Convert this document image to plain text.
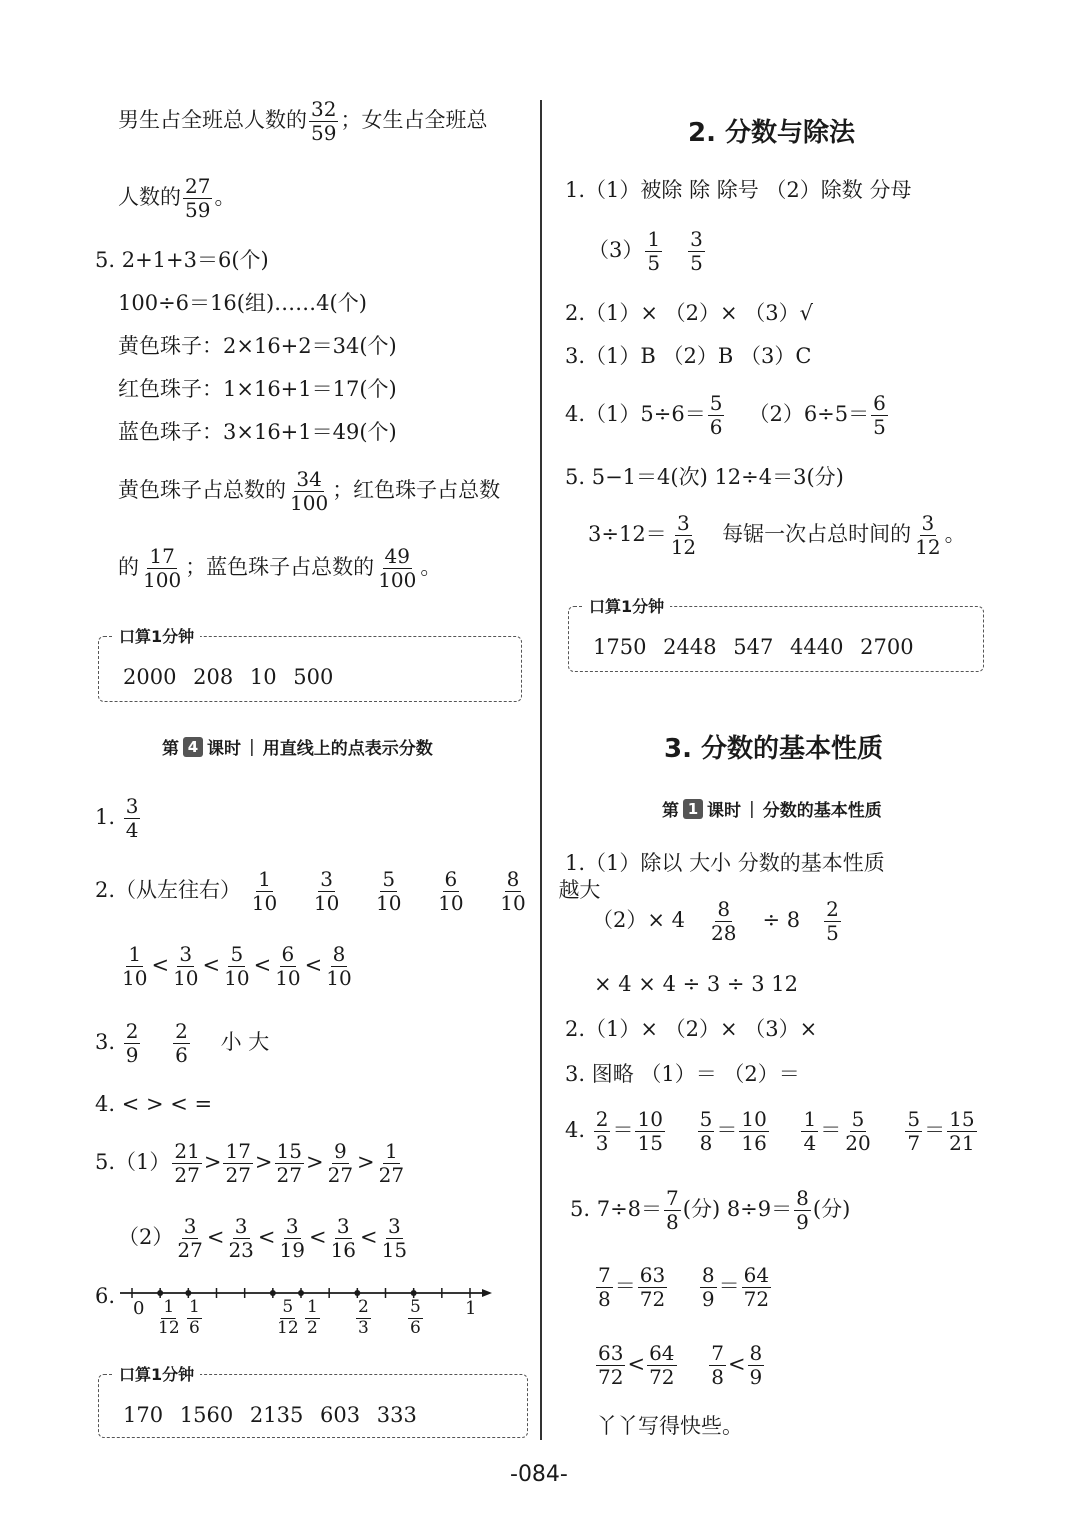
男生占全班总人数的 $\frac{32}{59}$ ；女生占全班总
人数的 $\frac{27}{59}$ 。
5. 2+1+3＝6(个)
100÷6＝16(组)……4(个)
黄色珠子：2×16+2＝34(个)
红色珠子：1×16+1＝17(个)
蓝色珠子：3×16+1＝49(个)
黄色珠子占总数的 $\frac{34}{100}$ ；红色珠子占总数
的 $\frac{17}{100}$ ；蓝色珠子占总数的 $\frac{49}{100}$ 。
口算1分钟
2000 208 10 500
第 4 课时 | 用直线上的点表示分数
1. $\frac{3}{4}$
2.（从左往右） $\frac{1}{10}$
$\frac{3}{10}$
$\frac{5}{10}$
$\frac{6}{10}$
$\frac{8}{10}$ 越大
$\frac{1}{10} < \frac{3}{10} < \frac{5}{10} < \frac{6}{10} < \frac{8}{10}$
3. $\frac{2}{9}$
$\frac{2}{6}$ 小 大
4. < > < =
$5.(1) \frac{21}{27} > \frac{17}{27} > \frac{15}{27} > \frac{9}{27} > \frac{1}{27}$
$(2) \frac{3}{27} < \frac{3}{23} < \frac{3}{19} < \frac{3}{16} < \frac{3}{15}$
6.
0	1
$\frac{1}{12} \frac{1}{6}$	$\frac{5}{12} \frac{1}{2} \frac{2}{3} \frac{5}{6}$
口算1分钟
170 1560 2135 603 333
2. 分数与除法
1.（1）被除 除 除号 （2）除数 分母
$(3) \frac{1}{5} \frac{3}{5}$
2.（1）× （2）× （3）√
3.（1）B （2）B （3）C
$4.(1)5\div 6= \frac{5}{6} (2)6\div 5= \frac{6}{5}$
5. 5−1＝4(次) 12÷4＝3(分)
$3\div 12= \frac{3}{12}$ 每锯一次占总时间的 $\frac{3}{12}$ 。
口算1分钟
1750 2448 547 4440 2700
3. 分数的基本性质
第 1 课时 | 分数的基本性质
1.（1）除以 大小 分数的基本性质
$(2)\times 4 \frac{8}{28} \div 8 \frac{2}{5}$
× 4 × 4 ÷ 3 ÷ 3 12
2.（1）× （2）× （3）×
3. 图略 （1）＝ （2）＝
4. $\frac{2}{3} = \frac{10}{15}$
$\frac{5}{8} = \frac{10}{16}$
$\frac{1}{4} = \frac{5}{20}$
$\frac{5}{7} = \frac{15}{21}$
5. $7\div 8= \frac{7}{8}$ (分) $8\div 9= \frac{8}{9}$ (分)
$\frac{7}{8} = \frac{63}{72}$
$\frac{8}{9} = \frac{64}{72}$
$\frac{63}{72} < \frac{64}{72}$
$\frac{7}{8} < \frac{8}{9}$
丫丫写得快些。
-084-
